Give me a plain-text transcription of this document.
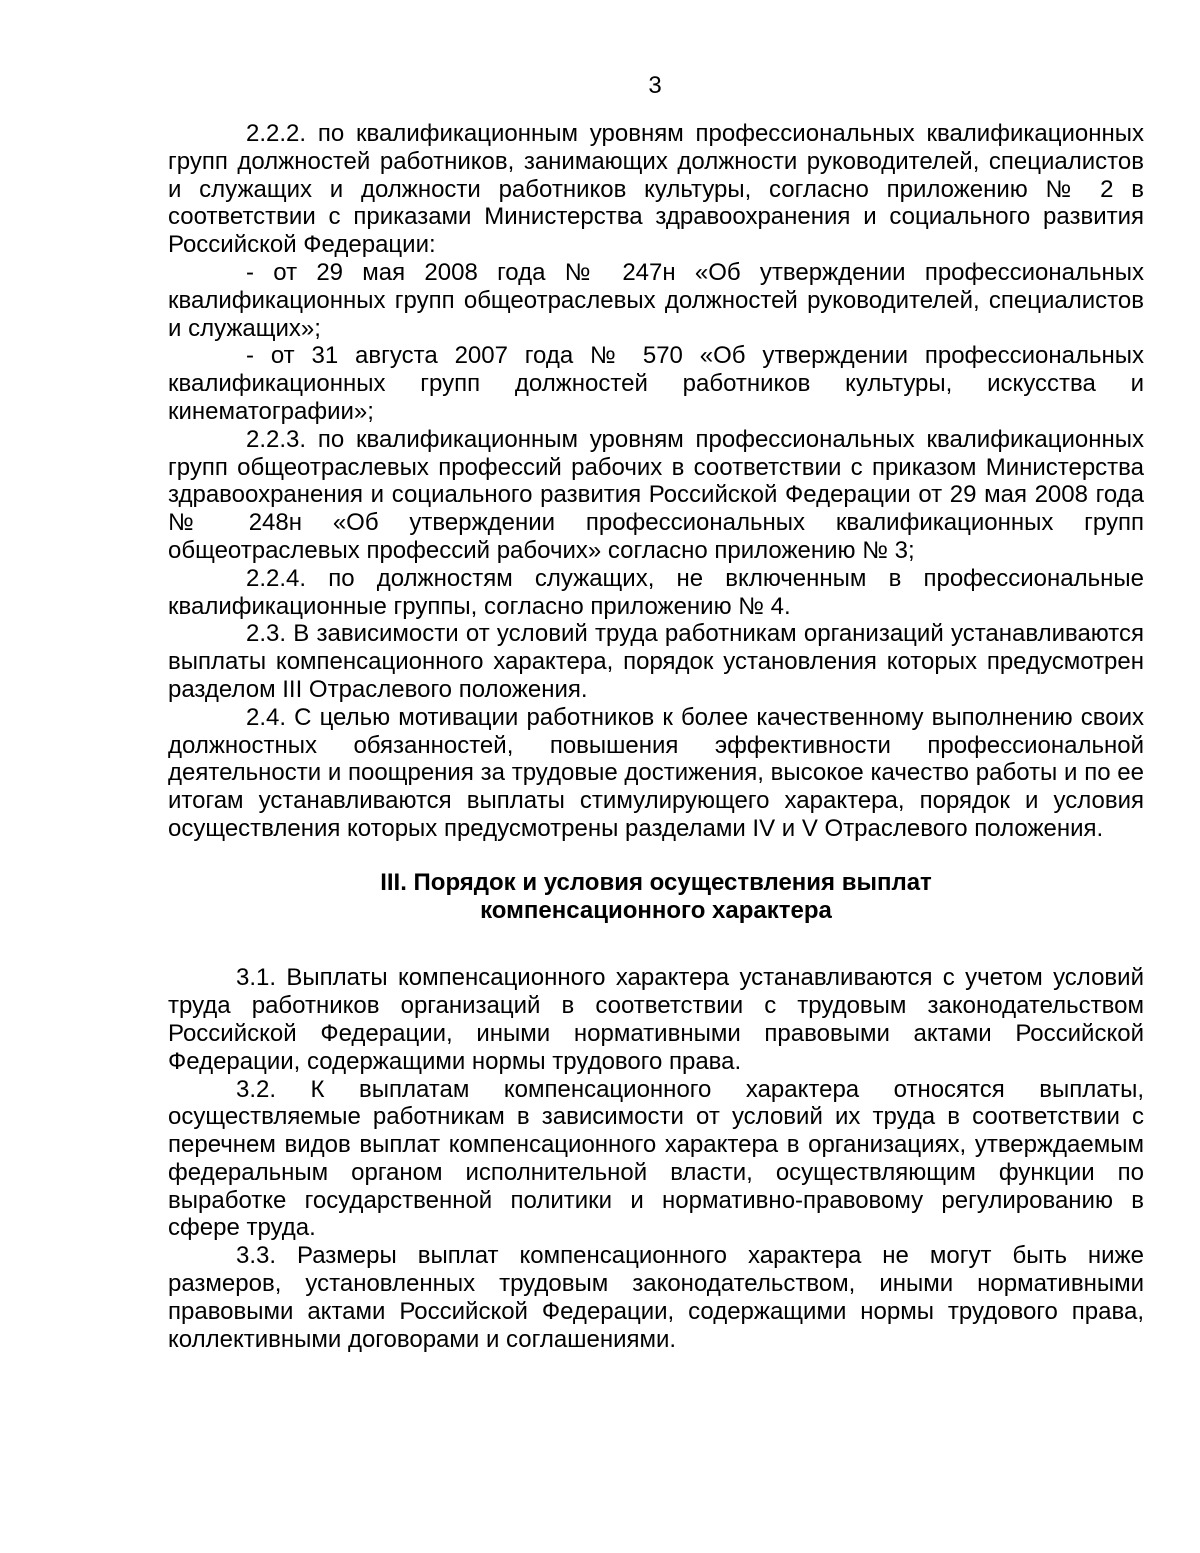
3

2.2.2. по квалификационным уровням профессиональных квалификационных групп должностей работников, занимающих должности руководителей, специалистов и служащих и должности работников культуры, согласно приложению № 2 в соответствии с приказами Министерства здравоохранения и социального развития Российской Федерации:

- от 29 мая 2008 года № 247н «Об утверждении профессиональных квалификационных групп общеотраслевых должностей руководителей, специалистов и служащих»;

- от 31 августа 2007 года № 570 «Об утверждении профессиональных квалификационных групп должностей работников культуры, искусства и кинематографии»;

2.2.3. по квалификационным уровням профессиональных квалификационных групп общеотраслевых профессий рабочих в соответствии с приказом Министерства здравоохранения и социального развития Российской Федерации от 29 мая 2008 года № 248н «Об утверждении профессиональных квалификационных групп общеотраслевых профессий рабочих» согласно приложению № 3;

2.2.4. по должностям служащих, не включенным в профессиональные квалификационные группы, согласно приложению № 4.

2.3. В зависимости от условий труда работникам организаций устанавливаются выплаты компенсационного характера, порядок установления которых предусмотрен разделом III Отраслевого положения.

2.4. С целью мотивации работников к более качественному выполнению своих должностных обязанностей, повышения эффективности профессиональной деятельности и поощрения за трудовые достижения, высокое качество работы и по ее итогам устанавливаются выплаты стимулирующего характера, порядок и условия осуществления которых предусмотрены разделами IV и V Отраслевого положения.

III. Порядок и условия осуществления выплат
компенсационного характера

3.1. Выплаты компенсационного характера устанавливаются с учетом условий труда работников организаций в соответствии с трудовым законодательством Российской Федерации, иными нормативными правовыми актами Российской Федерации, содержащими нормы трудового права.

3.2. К выплатам компенсационного характера относятся выплаты, осуществляемые работникам в зависимости от условий их труда в соответствии с перечнем видов выплат компенсационного характера в организациях, утверждаемым федеральным органом исполнительной власти, осуществляющим функции по выработке государственной политики и нормативно-правовому регулированию в сфере труда.

3.3. Размеры выплат компенсационного характера не могут быть ниже размеров, установленных трудовым законодательством, иными нормативными правовыми актами Российской Федерации, содержащими нормы трудового права, коллективными договорами и соглашениями.
